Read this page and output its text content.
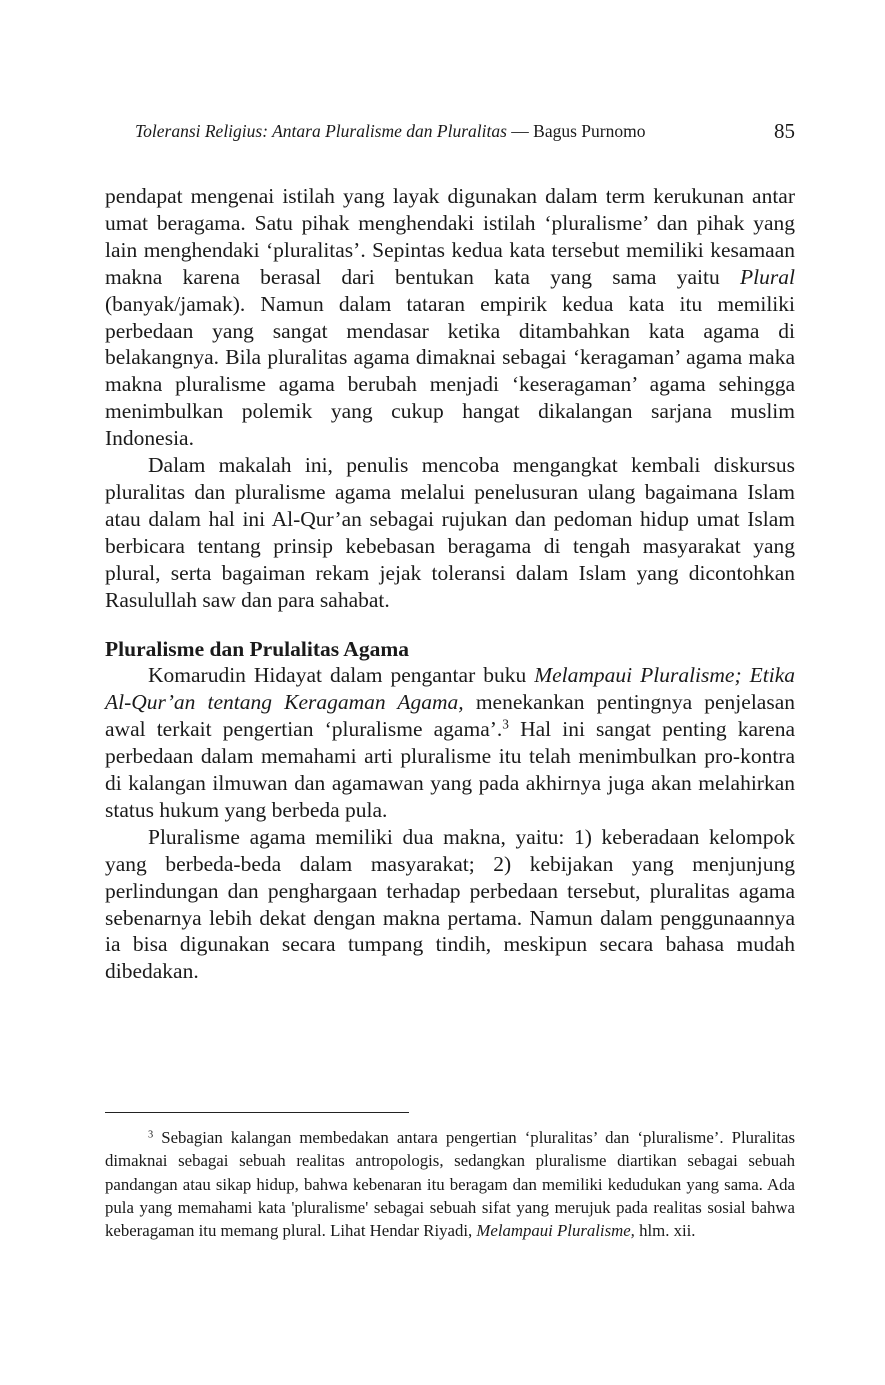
Toleransi Religius: Antara Pluralisme dan Pluralitas — Bagus Purnomo	85

pendapat mengenai istilah yang layak digunakan dalam term kerukunan antar umat beragama. Satu pihak menghendaki istilah ‘pluralisme’ dan pihak yang lain menghendaki ‘pluralitas’. Sepintas kedua kata tersebut memiliki kesamaan makna karena berasal dari bentukan kata yang sama yaitu Plural (banyak/jamak). Namun dalam tataran empirik kedua kata itu memiliki perbedaan yang sangat mendasar ketika ditambahkan kata agama di belakangnya. Bila pluralitas agama dimaknai sebagai ‘keragaman’ agama maka makna pluralisme agama berubah menjadi ‘keseragaman’ agama sehingga menimbulkan polemik yang cukup hangat dikalangan sarjana muslim Indonesia.

Dalam makalah ini, penulis mencoba mengangkat kembali diskursus pluralitas dan pluralisme agama melalui penelusuran ulang bagaimana Islam atau dalam hal ini Al-Qur’an sebagai rujukan dan pedoman hidup umat Islam berbicara tentang prinsip kebebasan beragama di tengah masyarakat yang plural, serta bagaiman rekam jejak toleransi dalam Islam yang dicontohkan Rasulullah saw dan para sahabat.

Pluralisme dan Prulalitas Agama

Komarudin Hidayat dalam pengantar buku Melampaui Pluralisme; Etika Al-Qur’an tentang Keragaman Agama, menekankan pentingnya penjelasan awal terkait pengertian ‘pluralisme agama’.$^3$ Hal ini sangat penting karena perbedaan dalam memahami arti pluralisme itu telah menimbulkan pro-kontra di kalangan ilmuwan dan agamawan yang pada akhirnya juga akan melahirkan status hukum yang berbeda pula.

Pluralisme agama memiliki dua makna, yaitu: 1) keberadaan kelompok yang berbeda-beda dalam masyarakat; 2) kebijakan yang menjunjung perlindungan dan penghargaan terhadap perbedaan tersebut, pluralitas agama sebenarnya lebih dekat dengan makna pertama. Namun dalam penggunaannya ia bisa digunakan secara tumpang tindih, meskipun secara bahasa mudah dibedakan.

$^3$ Sebagian kalangan membedakan antara pengertian ‘pluralitas’ dan ‘pluralisme’. Pluralitas dimaknai sebagai sebuah realitas antropologis, sedangkan pluralisme diartikan sebagai sebuah pandangan atau sikap hidup, bahwa kebenaran itu beragam dan memiliki kedudukan yang sama. Ada pula yang memahami kata 'pluralisme' sebagai sebuah sifat yang merujuk pada realitas sosial bahwa keberagaman itu memang plural. Lihat Hendar Riyadi, Melampaui Pluralisme, hlm. xii.
